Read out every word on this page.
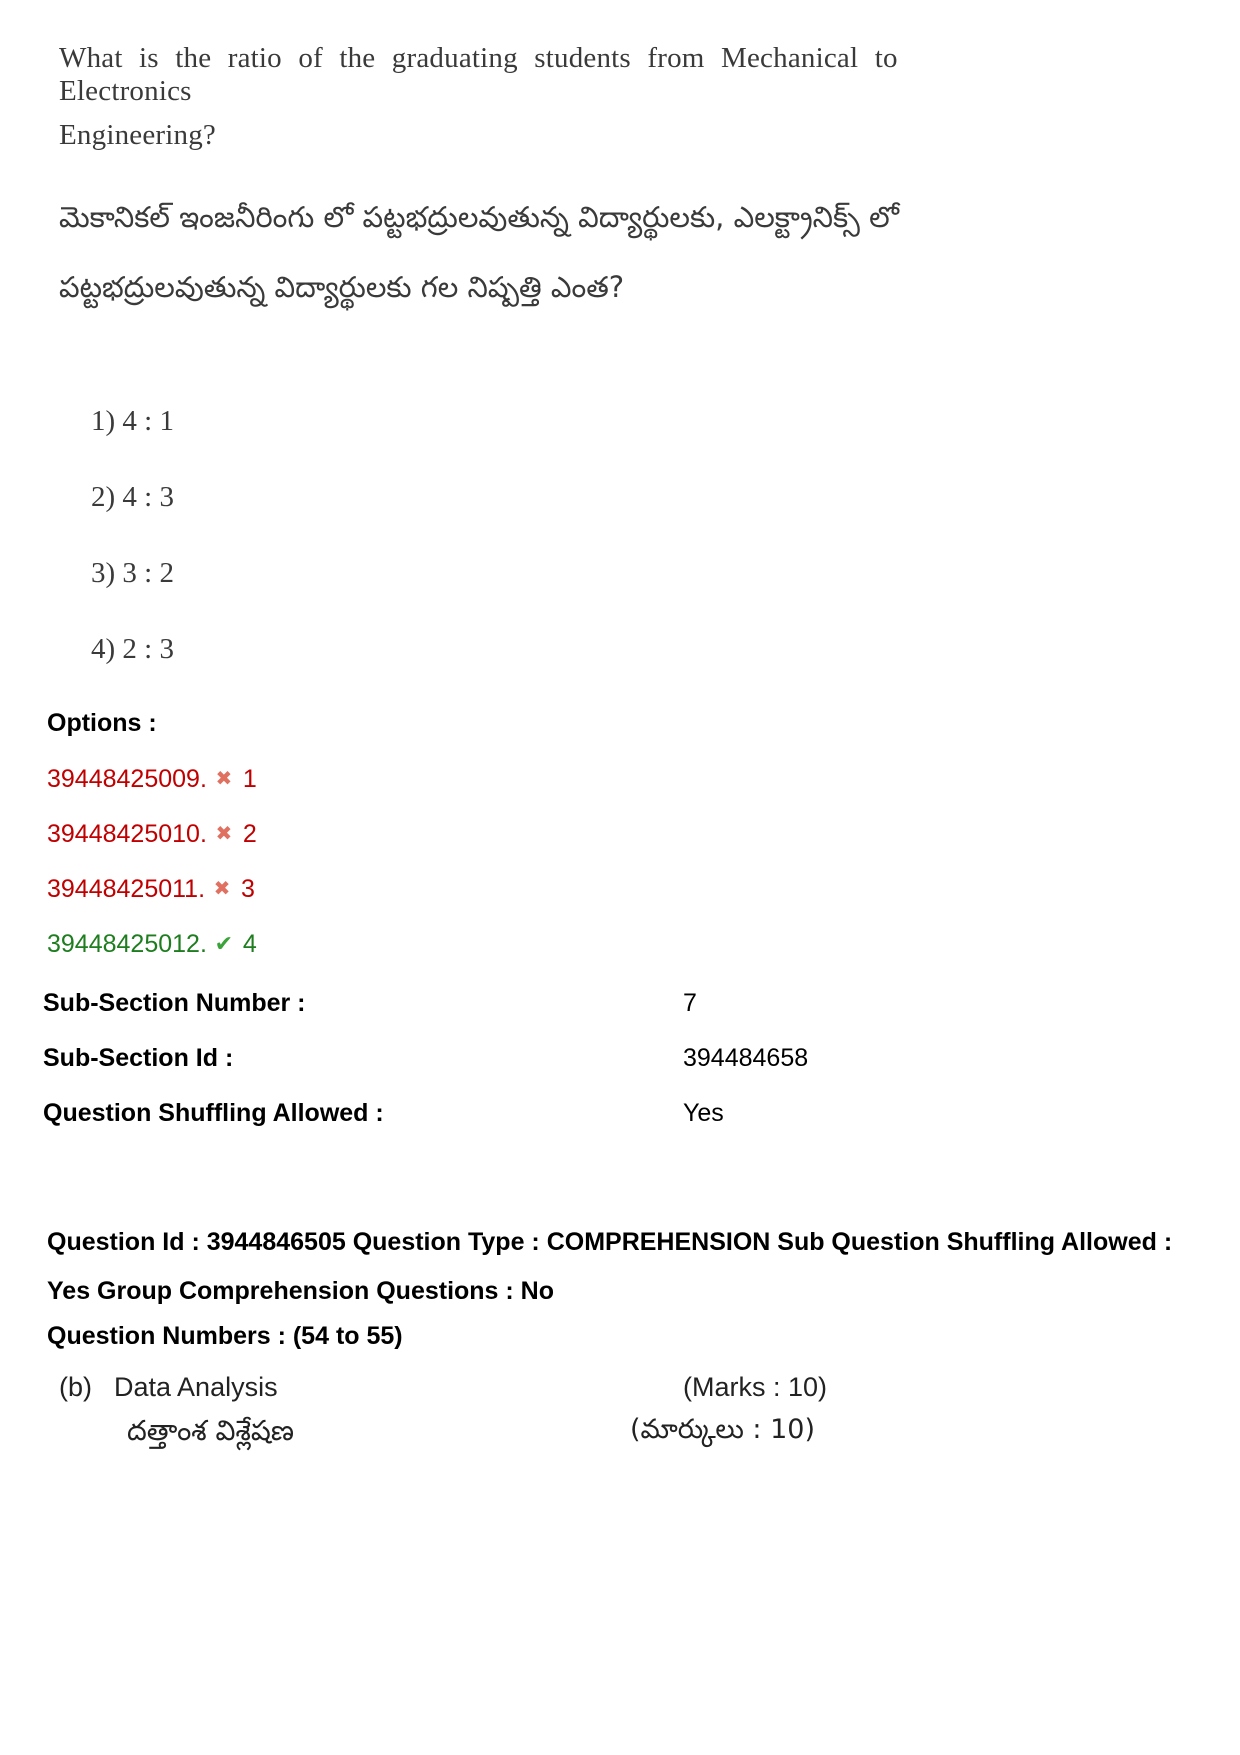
What is the ratio of the graduating students from Mechanical to Electronics
Engineering?
మెకానికల్ ఇంజనీరింగు లో పట్టభద్రులవుతున్న విద్యార్థులకు, ఎలక్ట్రానిక్స్ లో
పట్టభద్రులవుతున్న విద్యార్థులకు గల నిష్పత్తి ఎంత?
1) 4 : 1
2) 4 : 3
3) 3 : 2
4) 2 : 3
Options :
39448425009. ✖ 1
39448425010. ✖ 2
39448425011. ✖ 3
39448425012. ✔ 4
Sub-Section Number :	7
Sub-Section Id :	394484658
Question Shuffling Allowed :	Yes
Question Id : 3944846505 Question Type : COMPREHENSION Sub Question Shuffling Allowed :
Yes Group Comprehension Questions : No
Question Numbers : (54 to 55)
(b) Data Analysis	(Marks : 10)
దత్తాంశ విశ్లేషణ	(మార్కులు : 10)
